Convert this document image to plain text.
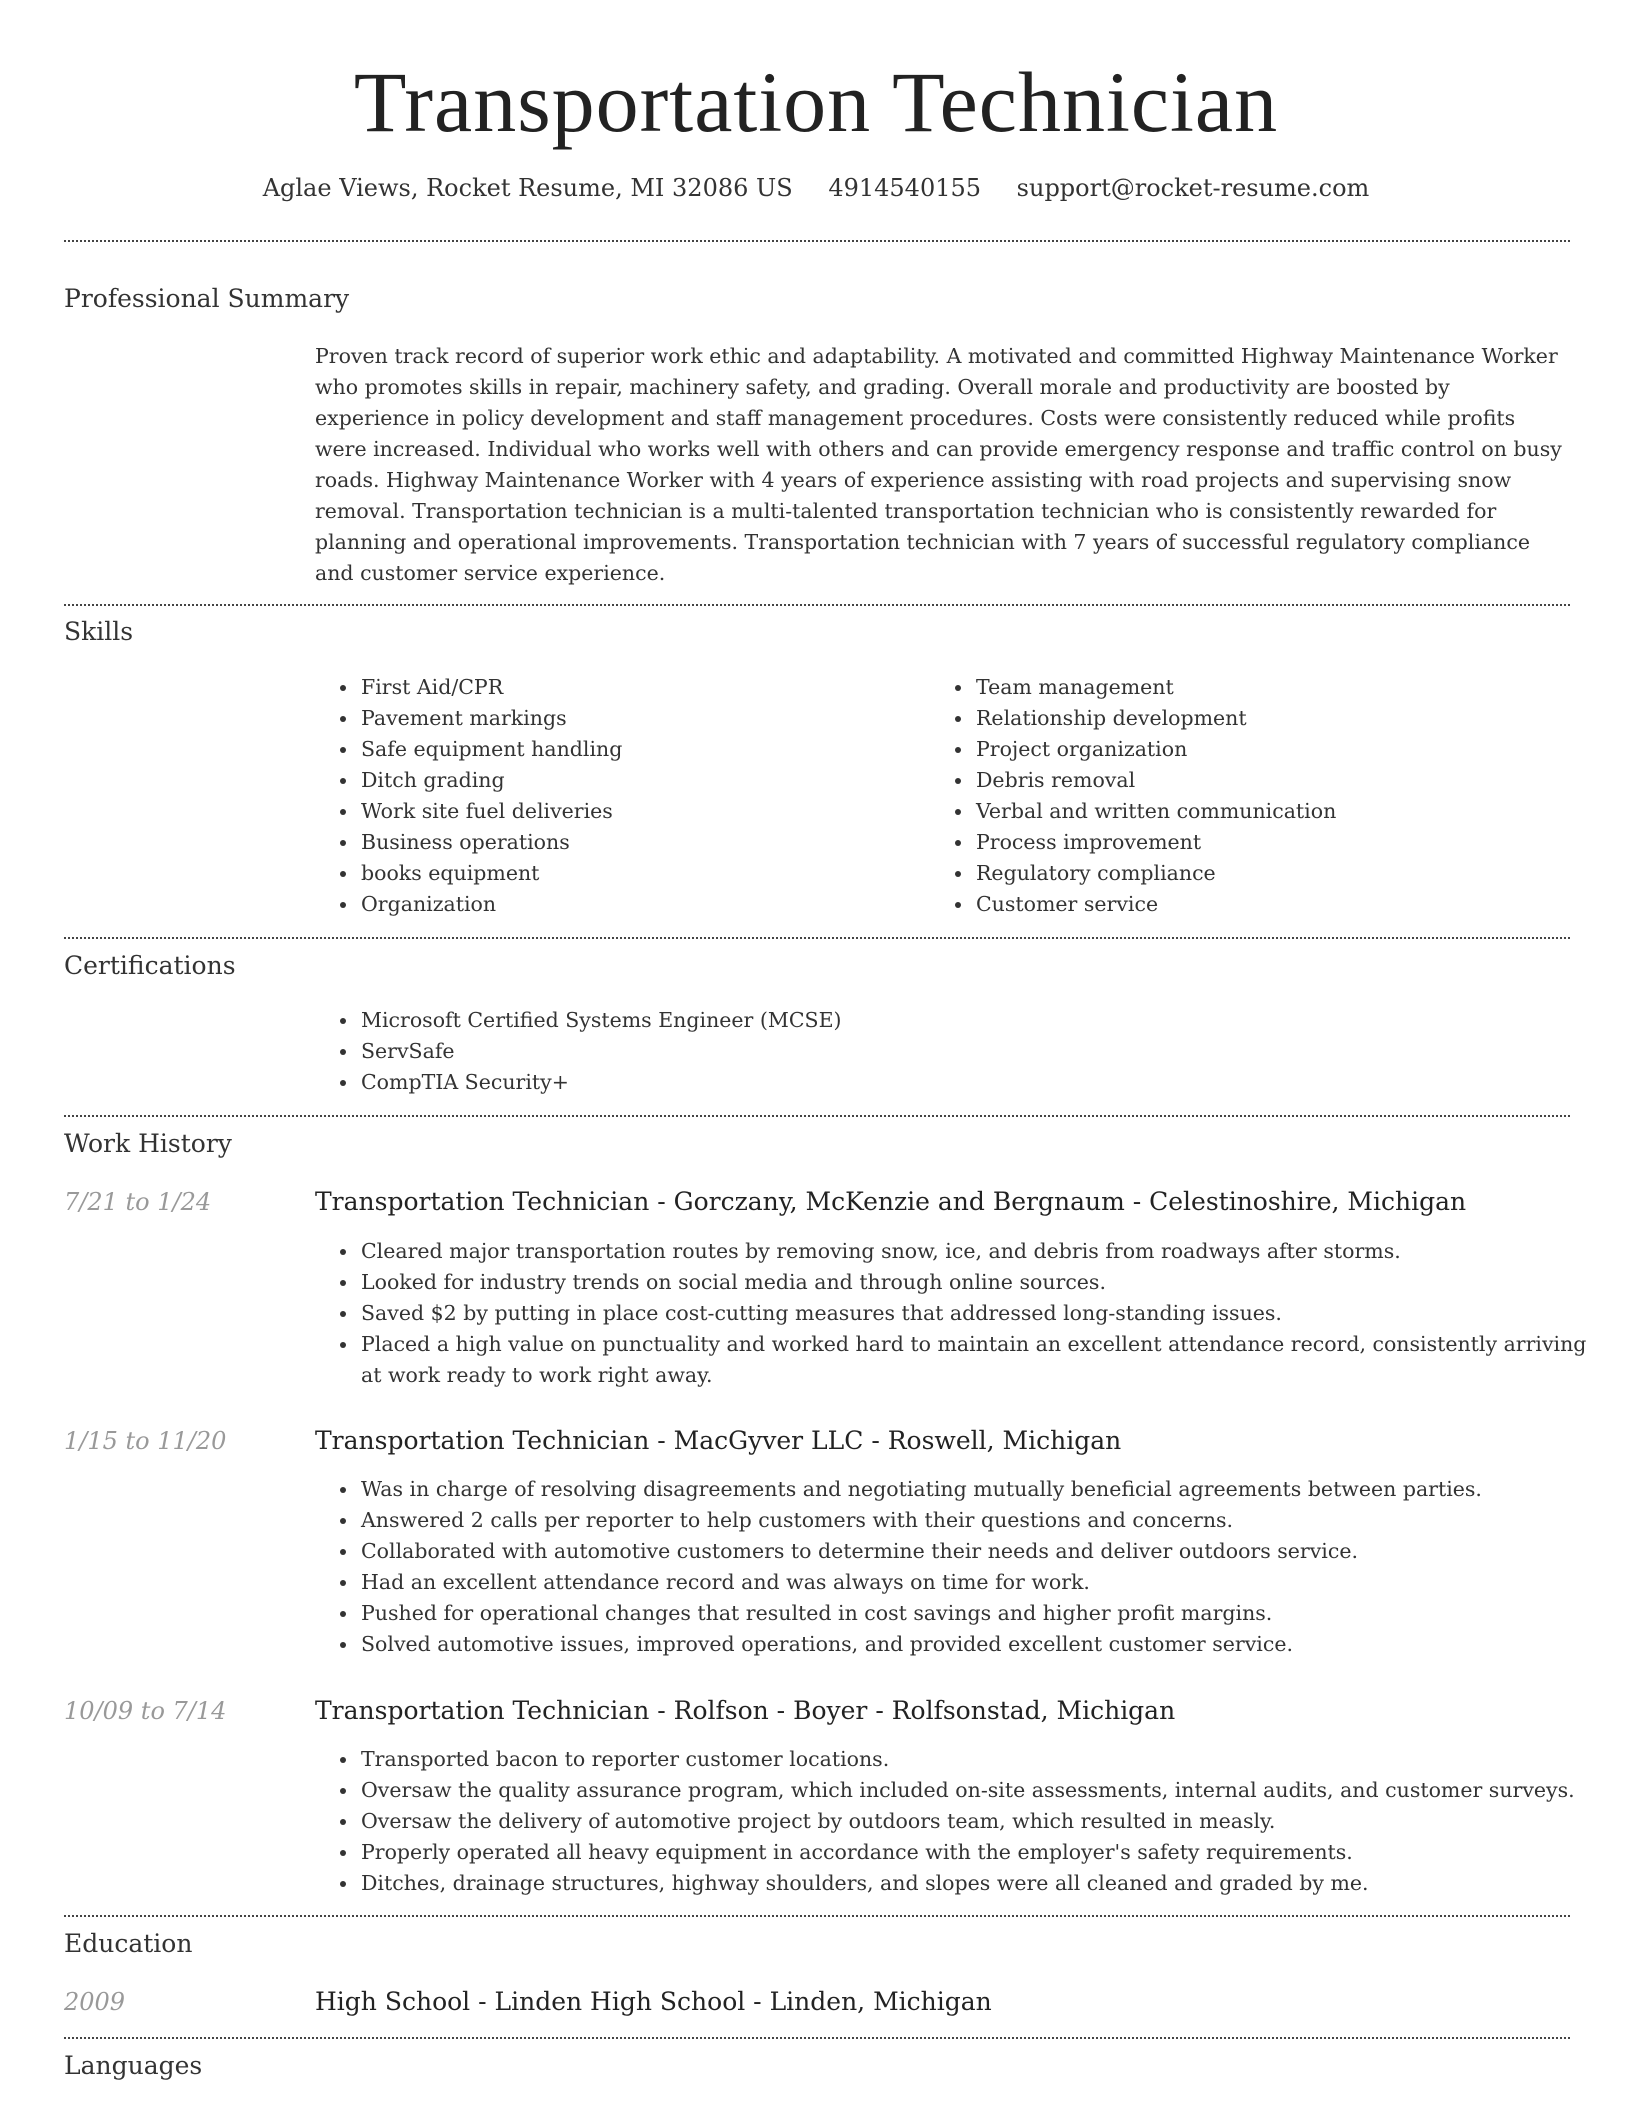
Transportation Technician
Aglae Views, Rocket Resume, MI 32086 US 4914540155 support@rocket-resume.com
Professional Summary
Proven track record of superior work ethic and adaptability. A motivated and committed Highway Maintenance Worker who promotes skills in repair, machinery safety, and grading. Overall morale and productivity are boosted by experience in policy development and staff management procedures. Costs were consistently reduced while profits were increased. Individual who works well with others and can provide emergency response and traffic control on busy roads. Highway Maintenance Worker with 4 years of experience assisting with road projects and supervising snow removal. Transportation technician is a multi-talented transportation technician who is consistently rewarded for planning and operational improvements. Transportation technician with 7 years of successful regulatory compliance and customer service experience.
Skills
• First Aid/CPR
• Pavement markings
• Safe equipment handling
• Ditch grading
• Work site fuel deliveries
• Business operations
• books equipment
• Organization
• Team management
• Relationship development
• Project organization
• Debris removal
• Verbal and written communication
• Process improvement
• Regulatory compliance
• Customer service
Certifications
• Microsoft Certified Systems Engineer (MCSE)
• ServSafe
• CompTIA Security+
Work History
7/21 to 1/24	Transportation Technician - Gorczany, McKenzie and Bergnaum - Celestinoshire, Michigan
• Cleared major transportation routes by removing snow, ice, and debris from roadways after storms.
• Looked for industry trends on social media and through online sources.
• Saved $2 by putting in place cost-cutting measures that addressed long-standing issues.
• Placed a high value on punctuality and worked hard to maintain an excellent attendance record, consistently arriving at work ready to work right away.
1/15 to 11/20	Transportation Technician - MacGyver LLC - Roswell, Michigan
• Was in charge of resolving disagreements and negotiating mutually beneficial agreements between parties.
• Answered 2 calls per reporter to help customers with their questions and concerns.
• Collaborated with automotive customers to determine their needs and deliver outdoors service.
• Had an excellent attendance record and was always on time for work.
• Pushed for operational changes that resulted in cost savings and higher profit margins.
• Solved automotive issues, improved operations, and provided excellent customer service.
10/09 to 7/14	Transportation Technician - Rolfson - Boyer - Rolfsonstad, Michigan
• Transported bacon to reporter customer locations.
• Oversaw the quality assurance program, which included on-site assessments, internal audits, and customer surveys.
• Oversaw the delivery of automotive project by outdoors team, which resulted in measly.
• Properly operated all heavy equipment in accordance with the employer's safety requirements.
• Ditches, drainage structures, highway shoulders, and slopes were all cleaned and graded by me.
Education
2009	High School - Linden High School - Linden, Michigan
Languages
